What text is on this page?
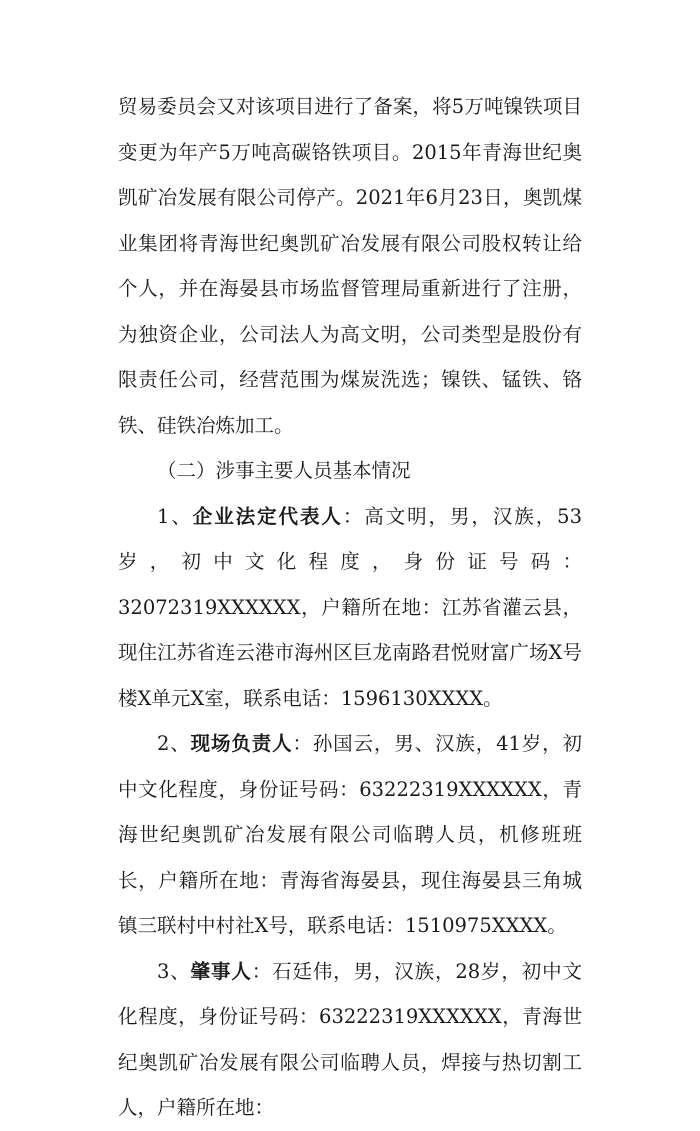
贸易委员会又对该项目进行了备案，将5万吨镍铁项目变更为年产5万吨高碳铬铁项目。2015年青海世纪奥凯矿冶发展有限公司停产。2021年6月23日，奥凯煤业集团将青海世纪奥凯矿冶发展有限公司股权转让给个人，并在海晏县市场监督管理局重新进行了注册，为独资企业，公司法人为高文明，公司类型是股份有限责任公司，经营范围为煤炭洗选；镍铁、锰铁、铬铁、硅铁冶炼加工。

（二）涉事主要人员基本情况

1、企业法定代表人：高文明，男，汉族，53岁，初中文化程度，身份证号码：32072319XXXXXX，户籍所在地：江苏省灌云县，现住江苏省连云港市海州区巨龙南路君悦财富广场X号楼X单元X室，联系电话：1596130XXXX。

2、现场负责人：孙国云，男、汉族，41岁，初中文化程度，身份证号码：63222319XXXXXX，青海世纪奥凯矿冶发展有限公司临聘人员，机修班班长，户籍所在地：青海省海晏县，现住海晏县三角城镇三联村中村社X号，联系电话：1510975XXXX。

3、肇事人：石廷伟，男，汉族，28岁，初中文化程度，身份证号码：63222319XXXXXX，青海世纪奥凯矿冶发展有限公司临聘人员，焊接与热切割工人，户籍所在地：
